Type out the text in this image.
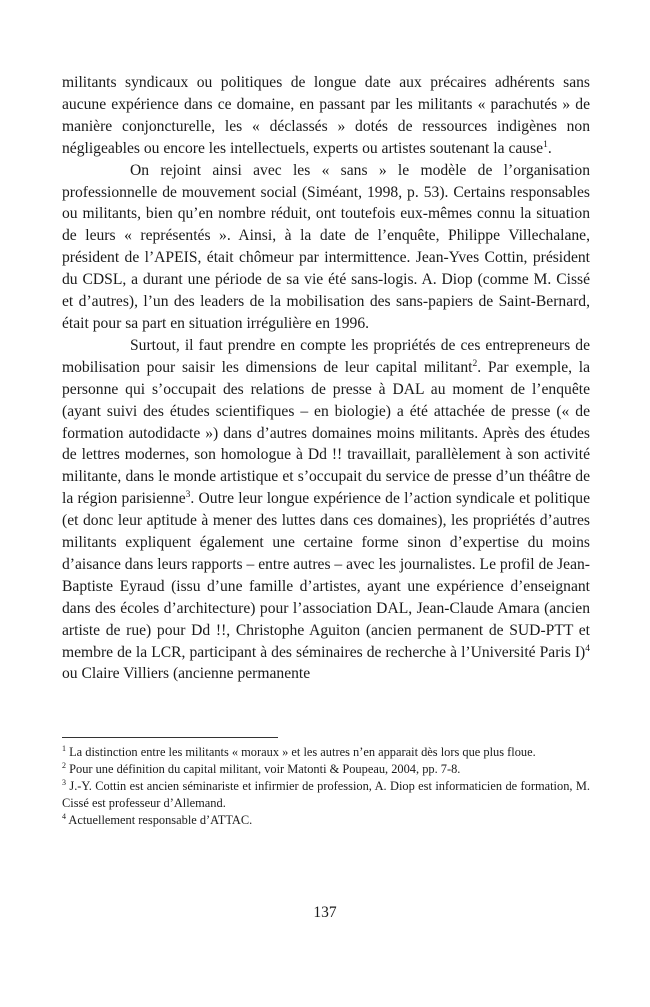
militants syndicaux ou politiques de longue date aux précaires adhérents sans aucune expérience dans ce domaine, en passant par les militants « parachutés » de manière conjoncturelle, les « déclassés » dotés de ressources indigènes non négligeables ou encore les intellectuels, experts ou artistes soutenant la cause$^1$.

On rejoint ainsi avec les « sans » le modèle de l’organisation professionnelle de mouvement social (Siméant, 1998, p. 53). Certains responsables ou militants, bien qu’en nombre réduit, ont toutefois eux-mêmes connu la situation de leurs « représentés ». Ainsi, à la date de l’enquête, Philippe Villechalane, président de l’APEIS, était chômeur par intermittence. Jean-Yves Cottin, président du CDSL, a durant une période de sa vie été sans-logis. A. Diop (comme M. Cissé et d’autres), l’un des leaders de la mobilisation des sans-papiers de Saint-Bernard, était pour sa part en situation irrégulière en 1996.

Surtout, il faut prendre en compte les propriétés de ces entrepreneurs de mobilisation pour saisir les dimensions de leur capital militant$^2$. Par exemple, la personne qui s’occupait des relations de presse à DAL au moment de l’enquête (ayant suivi des études scientifiques – en biologie) a été attachée de presse (« de formation autodidacte ») dans d’autres domaines moins militants. Après des études de lettres modernes, son homologue à Dd !! travaillait, parallèlement à son activité militante, dans le monde artistique et s’occupait du service de presse d’un théâtre de la région parisienne$^3$. Outre leur longue expérience de l’action syndicale et politique (et donc leur aptitude à mener des luttes dans ces domaines), les propriétés d’autres militants expliquent également une certaine forme sinon d’expertise du moins d’aisance dans leurs rapports – entre autres – avec les journalistes. Le profil de Jean-Baptiste Eyraud (issu d’une famille d’artistes, ayant une expérience d’enseignant dans des écoles d’architecture) pour l’association DAL, Jean-Claude Amara (ancien artiste de rue) pour Dd !!, Christophe Aguiton (ancien permanent de SUD-PTT et membre de la LCR, participant à des séminaires de recherche à l’Université Paris I)$^4$ ou Claire Villiers (ancienne permanente

$^1$ La distinction entre les militants « moraux » et les autres n’en apparait dès lors que plus floue.

$^2$ Pour une définition du capital militant, voir Matonti & Poupeau, 2004, pp. 7-8.

$^3$ J.-Y. Cottin est ancien séminariste et infirmier de profession, A. Diop est informaticien de formation, M. Cissé est professeur d’Allemand.

$^4$ Actuellement responsable d’ATTAC.

137
